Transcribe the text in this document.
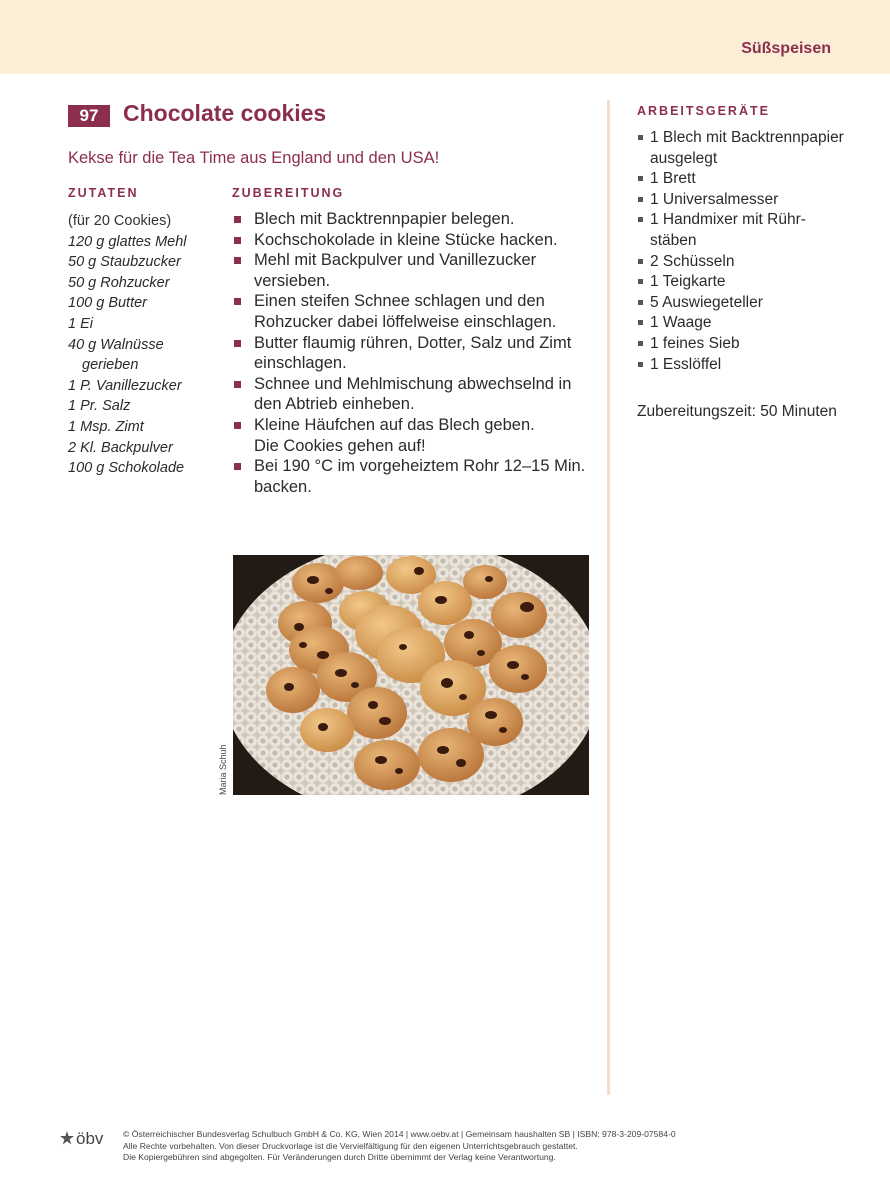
Süßspeisen
97	Chocolate cookies
Kekse für die Tea Time aus England und den USA!
ZUTATEN	ZUBEREITUNG
(für 20 Cookies)
120 g glattes Mehl
50 g Staubzucker
50 g Rohzucker
100 g Butter
1 Ei
40 g Walnüsse
gerieben
1 P. Vanillezucker
1 Pr. Salz
1 Msp. Zimt
2 Kl. Backpulver
100 g Schokolade
Blech mit Backtrennpapier belegen.
Kochschokolade in kleine Stücke hacken.
Mehl mit Backpulver und Vanillezucker versieben.
Einen steifen Schnee schlagen und den Rohzucker dabei löffelweise einschlagen.
Butter flaumig rühren, Dotter, Salz und Zimt einschlagen.
Schnee und Mehlmischung abwechselnd in den Abtrieb einheben.
Kleine Häufchen auf das Blech geben.
Die Cookies gehen auf!
Bei 190 °C im vorgeheiztem Rohr 12–15 Min. backen.
ARBEITSGERÄTE
1 Blech mit Backtrennpapier ausgelegt
1 Brett
1 Universalmesser
1 Handmixer mit Rühr-stäben
2 Schüsseln
1 Teigkarte
5 Auswiegeteller
1 Waage
1 feines Sieb
1 Esslöffel
Zubereitungszeit: 50 Minuten
Maria Schuh
öbv © Österreichischer Bundesverlag Schulbuch GmbH & Co. KG, Wien 2014 | www.oebv.at | Gemeinsam haushalten SB | ISBN: 978-3-209-07584-0
Alle Rechte vorbehalten. Von dieser Druckvorlage ist die Vervielfältigung für den eigenen Unterrichtsgebrauch gestattet.
Die Kopiergebühren sind abgegolten. Für Veränderungen durch Dritte übernimmt der Verlag keine Verantwortung.
